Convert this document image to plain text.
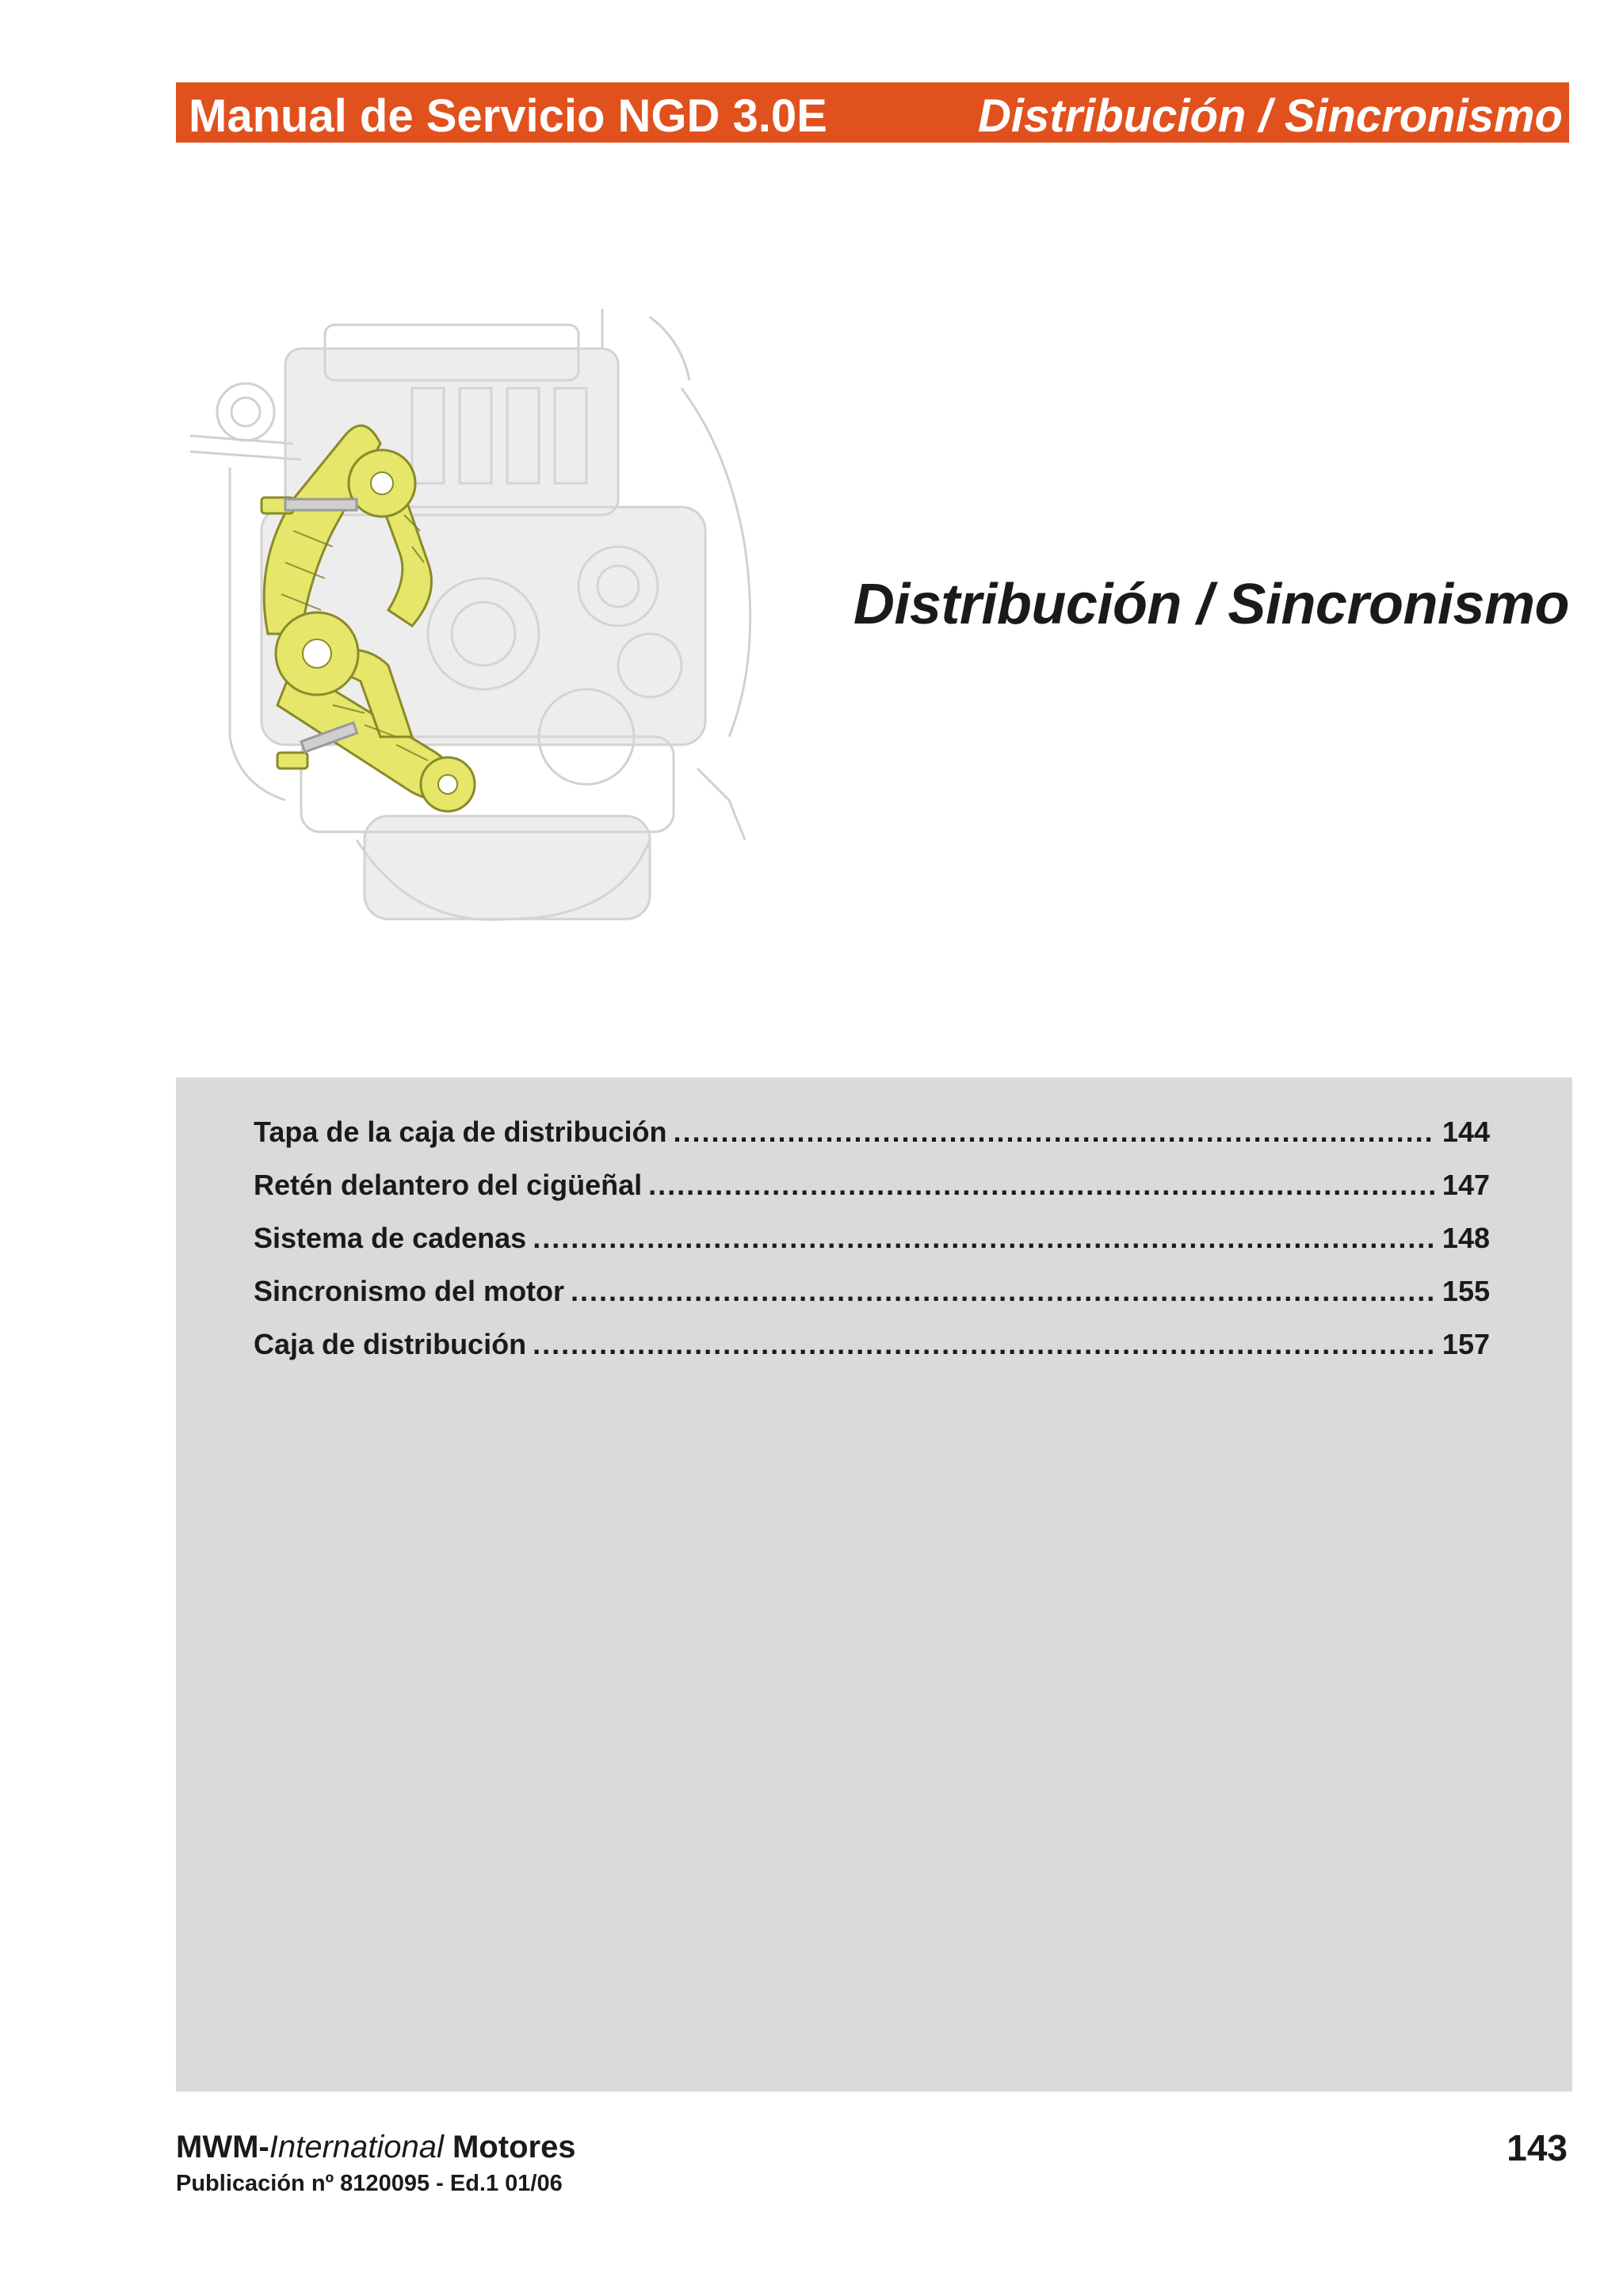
Manual de Servicio NGD 3.0E	Distribución / Sincronismo
Distribución / Sincronismo
Tapa de la caja de distribución .....	144
Retén delantero del cigüeñal .....	147
Sistema de cadenas .....	148
Sincronismo del motor .....	155
Caja de distribución .....	157
MWM-International Motores
Publicación nº 8120095 - Ed.1 01/06
143
